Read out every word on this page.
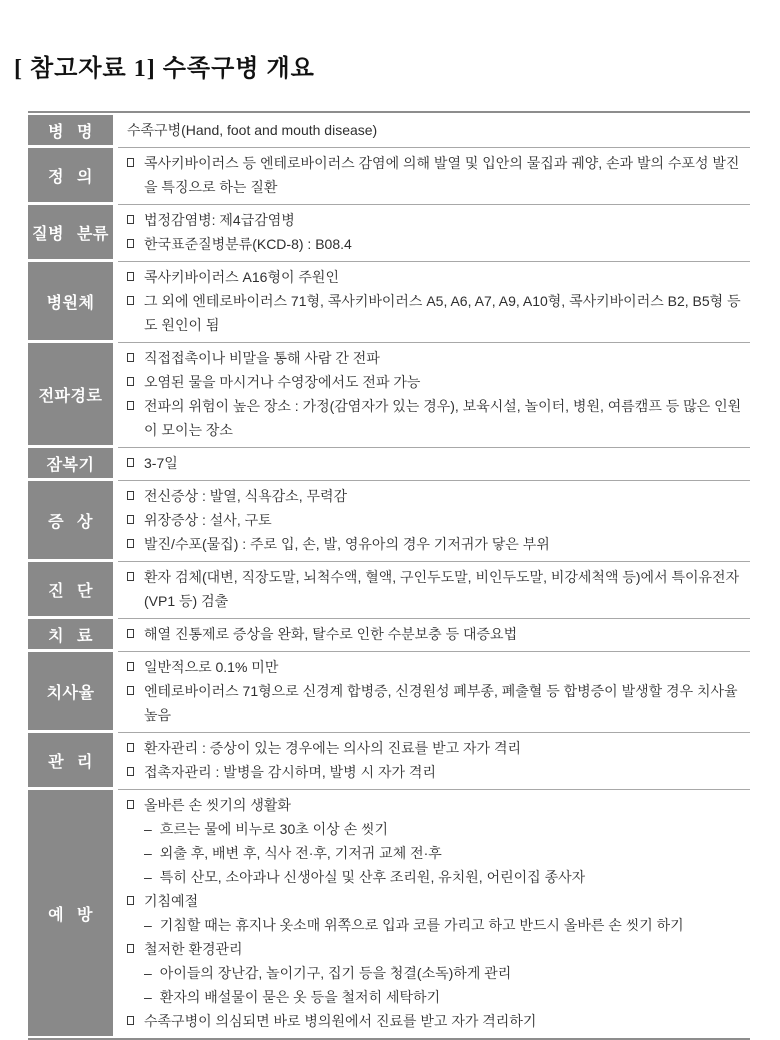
[ 참고자료 1] 수족구병 개요
병 명 수족구병(Hand, foot and mouth disease)
정 의
콕사키바이러스 등 엔테로바이러스 감염에 의해 발열 및 입안의 물집과 궤양, 손과 발의 수포성 발진을 특징으로 하는 질환
질병 분류
법정감염병: 제4급감염병
한국표준질병분류(KCD-8) : B08.4
병원체
콕사키바이러스 A16형이 주원인
그 외에 엔테로바이러스 71형, 콕사키바이러스 A5, A6, A7, A9, A10형, 콕사키바이러스 B2, B5형 등도 원인이 됨
전파경로
직접접촉이나 비말을 통해 사람 간 전파
오염된 물을 마시거나 수영장에서도 전파 가능
전파의 위험이 높은 장소 : 가정(감염자가 있는 경우), 보육시설, 놀이터, 병원, 여름캠프 등 많은 인원이 모이는 장소
잠복기	3-7일
증 상
전신증상 : 발열, 식욕감소, 무력감
위장증상 : 설사, 구토
발진/수포(물집) : 주로 입, 손, 발, 영유아의 경우 기저귀가 닿은 부위
진 단
환자 검체(대변, 직장도말, 뇌척수액, 혈액, 구인두도말, 비인두도말, 비강세척액 등)에서 특이유전자 (VP1 등) 검출
치 료	해열 진통제로 증상을 완화, 탈수로 인한 수분보충 등 대증요법
치사율
일반적으로 0.1% 미만
엔테로바이러스 71형으로 신경계 합병증, 신경원성 폐부종, 폐출혈 등 합병증이 발생할 경우 치사율 높음
관 리
환자관리 : 증상이 있는 경우에는 의사의 진료를 받고 자가 격리
접촉자관리 : 발병을 감시하며, 발병 시 자가 격리
예 방
올바른 손 씻기의 생활화
– 흐르는 물에 비누로 30초 이상 손 씻기
– 외출 후, 배변 후, 식사 전·후, 기저귀 교체 전·후
– 특히 산모, 소아과나 신생아실 및 산후 조리원, 유치원, 어린이집 종사자
기침예절
– 기침할 때는 휴지나 옷소매 위쪽으로 입과 코를 가리고 하고 반드시 올바른 손 씻기 하기
철저한 환경관리
– 아이들의 장난감, 놀이기구, 집기 등을 청결(소독)하게 관리
– 환자의 배설물이 묻은 옷 등을 철저히 세탁하기
수족구병이 의심되면 바로 병의원에서 진료를 받고 자가 격리하기
